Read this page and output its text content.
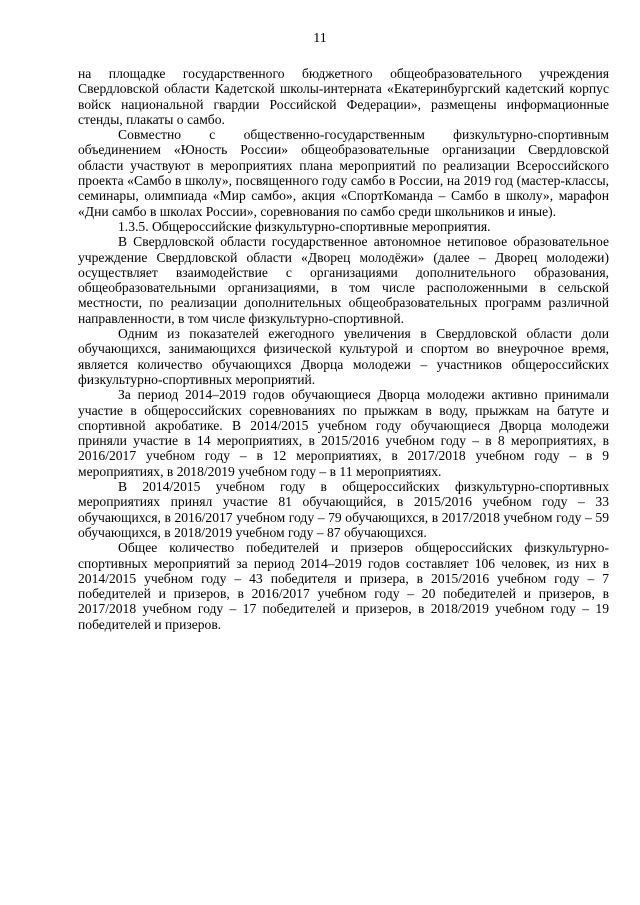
11

на площадке государственного бюджетного общеобразовательного учреждения Свердловской области Кадетской школы-интерната «Екатеринбургский кадетский корпус войск национальной гвардии Российской Федерации», размещены информационные стенды, плакаты о самбо.

Совместно с общественно-государственным физкультурно-спортивным объединением «Юность России» общеобразовательные организации Свердловской области участвуют в мероприятиях плана мероприятий по реализации Всероссийского проекта «Самбо в школу», посвященного году самбо в России, на 2019 год (мастер-классы, семинары, олимпиада «Мир самбо», акция «СпортКоманда – Самбо в школу», марафон «Дни самбо в школах России», соревнования по самбо среди школьников и иные).

1.3.5. Общероссийские физкультурно-спортивные мероприятия.

В Свердловской области государственное автономное нетиповое образовательное учреждение Свердловской области «Дворец молодёжи» (далее – Дворец молодежи) осуществляет взаимодействие с организациями дополнительного образования, общеобразовательными организациями, в том числе расположенными в сельской местности, по реализации дополнительных общеобразовательных программ различной направленности, в том числе физкультурно-спортивной.

Одним из показателей ежегодного увеличения в Свердловской области доли обучающихся, занимающихся физической культурой и спортом во внеурочное время, является количество обучающихся Дворца молодежи – участников общероссийских физкультурно-спортивных мероприятий.

За период 2014–2019 годов обучающиеся Дворца молодежи активно принимали участие в общероссийских соревнованиях по прыжкам в воду, прыжкам на батуте и спортивной акробатике. В 2014/2015 учебном году обучающиеся Дворца молодежи приняли участие в 14 мероприятиях, в 2015/2016 учебном году – в 8 мероприятиях, в 2016/2017 учебном году – в 12 мероприятиях, в 2017/2018 учебном году – в 9 мероприятиях, в 2018/2019 учебном году – в 11 мероприятиях.

В 2014/2015 учебном году в общероссийских физкультурно-спортивных мероприятиях принял участие 81 обучающийся, в 2015/2016 учебном году – 33 обучающихся, в 2016/2017 учебном году – 79 обучающихся, в 2017/2018 учебном году – 59 обучающихся, в 2018/2019 учебном году – 87 обучающихся.

Общее количество победителей и призеров общероссийских физкультурно-спортивных мероприятий за период 2014–2019 годов составляет 106 человек, из них в 2014/2015 учебном году – 43 победителя и призера, в 2015/2016 учебном году – 7 победителей и призеров, в 2016/2017 учебном году – 20 победителей и призеров, в 2017/2018 учебном году – 17 победителей и призеров, в 2018/2019 учебном году – 19 победителей и призеров.
